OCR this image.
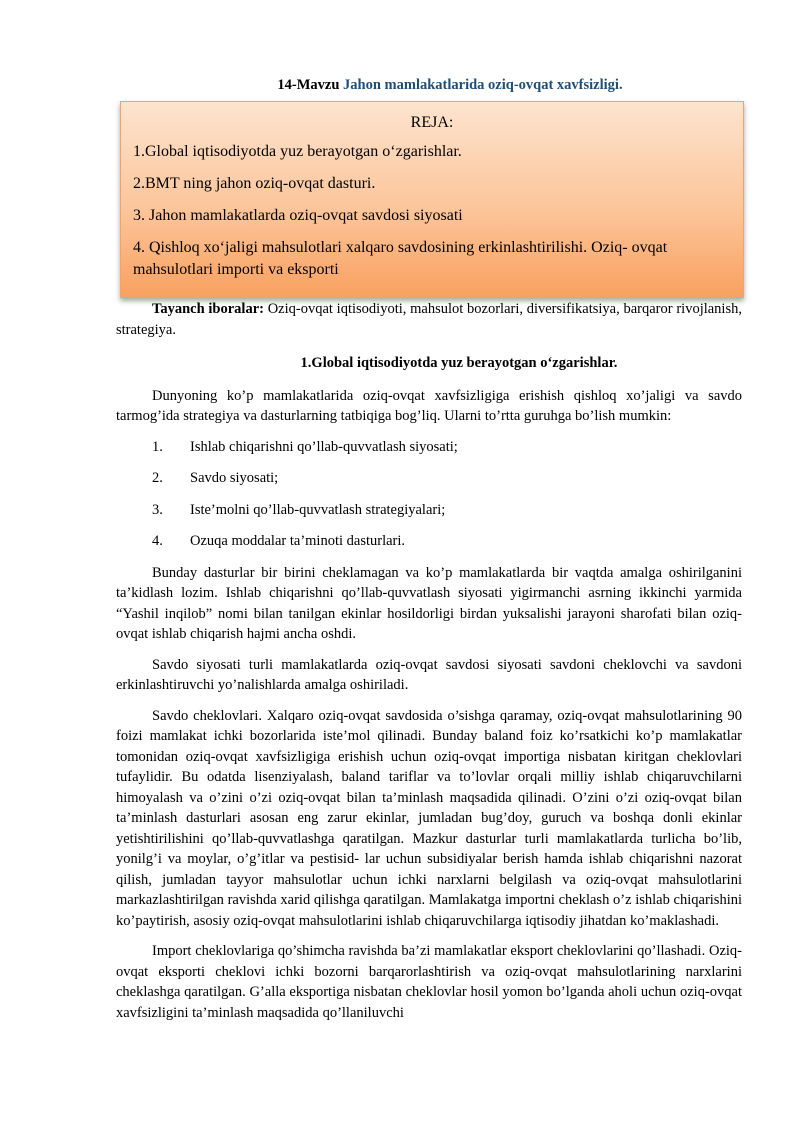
14-Mavzu Jahon mamlakatlarida oziq-ovqat xavfsizligi.
REJA:
1.Global iqtisodiyotda yuz berayotgan o‘zgarishlar.
2.BMT ning jahon oziq-ovqat dasturi.
3. Jahon mamlakatlarda oziq-ovqat savdosi siyosati
4. Qishloq xo‘jaligi mahsulotlari xalqaro savdosining erkinlashtirilishi. Oziq- ovqat mahsulotlari importi va eksporti

Tayanch iboralar: Oziq-ovqat iqtisodiyoti, mahsulot bozorlari, diversifikatsiya, barqaror rivojlanish, strategiya.

1.Global iqtisodiyotda yuz berayotgan o‘zgarishlar.

Dunyoning ko’p mamlakatlarida oziq-ovqat xavfsizligiga erishish qishloq xo’jaligi va savdo tarmog’ida strategiya va dasturlarning tatbiqiga bog’liq. Ularni to’rtta guruhga bo’lish mumkin:

1.	Ishlab chiqarishni qo’llab-quvvatlash siyosati;

2.	Savdo siyosati;

3.	Iste’molni qo’llab-quvvatlash strategiyalari;

4.	Ozuqa moddalar ta’minoti dasturlari.

Bunday dasturlar bir birini cheklamagan va ko’p mamlakatlarda bir vaqtda amalga oshirilganini ta’kidlash lozim. Ishlab chiqarishni qo’llab-quvvatlash siyosati yigirmanchi asrning ikkinchi yarmida “Yashil inqilob” nomi bilan tanilgan ekinlar hosildorligi birdan yuksalishi jarayoni sharofati bilan oziq-ovqat ishlab chiqarish hajmi ancha oshdi.

Savdo siyosati turli mamlakatlarda oziq-ovqat savdosi siyosati savdoni cheklovchi va savdoni erkinlashtiruvchi yo’nalishlarda amalga oshiriladi.

Savdo cheklovlari. Xalqaro oziq-ovqat savdosida o’sishga qaramay, oziq-ovqat mahsulotlarining 90 foizi mamlakat ichki bozorlarida iste’mol qilinadi. Bunday baland foiz ko’rsatkichi ko’p mamlakatlar tomonidan oziq-ovqat xavfsizligiga erishish uchun oziq-ovqat importiga nisbatan kiritgan cheklovlari tufaylidir. Bu odatda lisenziyalash, baland tariflar va to’lovlar orqali milliy ishlab chiqaruvchilarni himoyalash va o’zini o’zi oziq-ovqat bilan ta’minlash maqsadida qilinadi. O’zini o’zi oziq-ovqat bilan ta’minlash dasturlari asosan eng zarur ekinlar, jumladan bug’doy, guruch va boshqa donli ekinlar yetishtirilishini qo’llab-quvvatlashga qaratilgan. Mazkur dasturlar turli mamlakatlarda turlicha bo’lib, yonilg’i va moylar, o’g’itlar va pestisid- lar uchun subsidiyalar berish hamda ishlab chiqarishni nazorat qilish, jumladan tayyor mahsulotlar uchun ichki narxlarni belgilash va oziq-ovqat mahsulotlarini markazlashtirilgan ravishda xarid qilishga qaratilgan. Mamlakatga importni cheklash o’z ishlab chiqarishini ko’paytirish, asosiy oziq-ovqat mahsulotlarini ishlab chiqaruvchilarga iqtisodiy jihatdan ko’maklashadi.

Import cheklovlariga qo’shimcha ravishda ba’zi mamlakatlar eksport cheklovlarini qo’llashadi. Oziq-ovqat eksporti cheklovi ichki bozorni barqarorlashtirish va oziq-ovqat mahsulotlarining narxlarini cheklashga qaratilgan. G’alla eksportiga nisbatan cheklovlar hosil yomon bo’lganda aholi uchun oziq-ovqat xavfsizligini ta’minlash maqsadida qo’llaniluvchi
